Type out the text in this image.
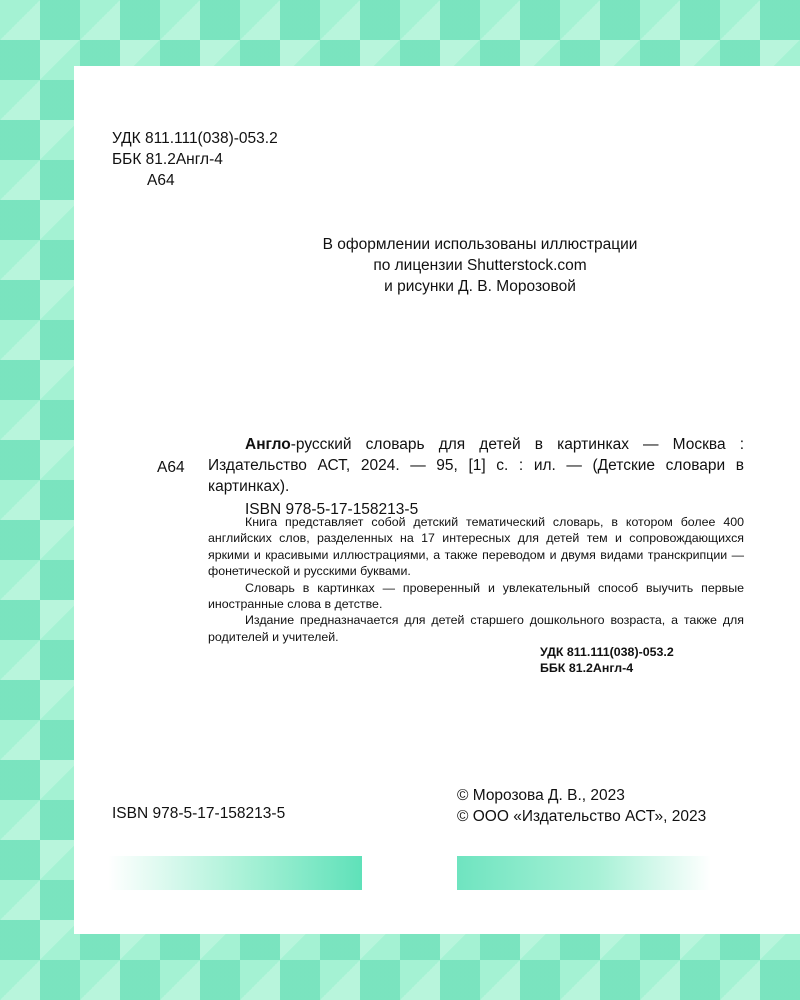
УДК 811.111(038)-053.2
ББК 81.2Англ-4
А64
В оформлении использованы иллюстрации
по лицензии Shutterstock.com
и рисунки Д. В. Морозовой
А64
Англо-русский словарь для детей в картинках — Москва : Издательство АСТ, 2024. — 95, [1] с. : ил. — (Детские словари в картинках).
ISBN 978-5-17-158213-5

Книга представляет собой детский тематический словарь, в котором более 400 английских слов, разделенных на 17 интересных для детей тем и сопровождающихся яркими и красивыми иллюстрациями, а также переводом и двумя видами транскрипции — фонетической и русскими буквами.

Словарь в картинках — проверенный и увлекательный способ выучить первые иностранные слова в детстве.

Издание предназначается для детей старшего дошкольного возраста, а также для родителей и учителей.

УДК 811.111(038)-053.2
ББК 81.2Англ-4
© Морозова Д. В., 2023
© ООО «Издательство АСТ», 2023
ISBN 978-5-17-158213-5
